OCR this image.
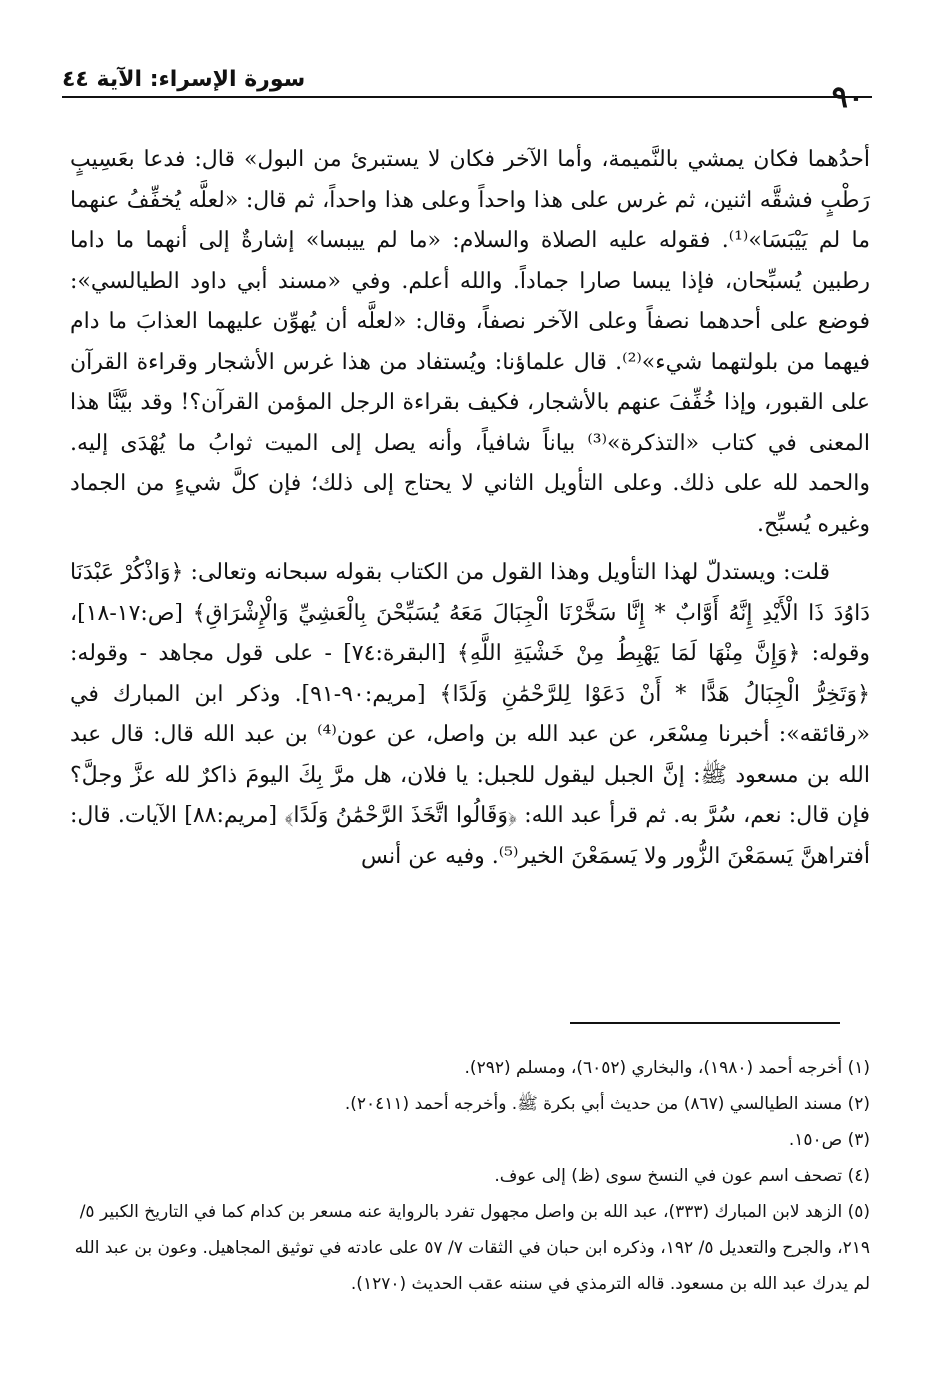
٩٠
سورة الإسراء: الآية ٤٤

أحدُهما فكان يمشي بالنَّميمة، وأما الآخر فكان لا يستبرئ من البول» قال: فدعا بعَسِيبٍ رَطْبٍ فشقَّه اثنين، ثم غرس على هذا واحداً وعلى هذا واحداً، ثم قال: «لعلَّه يُخفِّفُ عنهما ما لم يَيْبَسَا»⁽¹⁾. فقوله عليه الصلاة والسلام: «ما لم ييبسا» إشارةٌ إلى أنهما ما داما رطبين يُسبِّحان، فإذا يبسا صارا جماداً. والله أعلم. وفي «مسند أبي داود الطيالسي»: فوضع على أحدهما نصفاً وعلى الآخر نصفاً، وقال: «لعلَّه أن يُهوِّن عليهما العذابَ ما دام فيهما من بلولتهما شيء»⁽²⁾. قال علماؤنا: ويُستفاد من هذا غرس الأشجار وقراءة القرآن على القبور، وإذا خُفِّفَ عنهم بالأشجار، فكيف بقراءة الرجل المؤمن القرآن؟! وقد بيَّنَّا هذا المعنى في كتاب «التذكرة»⁽³⁾ بياناً شافياً، وأنه يصل إلى الميت ثوابُ ما يُهْدَى إليه. والحمد لله على ذلك. وعلى التأويل الثاني لا يحتاج إلى ذلك؛ فإن كلَّ شيءٍ من الجماد وغيره يُسبِّح.

قلت: ويستدلّ لهذا التأويل وهذا القول من الكتاب بقوله سبحانه وتعالى: ﴿وَاذْكُرْ عَبْدَنَا دَاوُدَ ذَا الْأَيْدِ إِنَّهُ أَوَّابٌ * إِنَّا سَخَّرْنَا الْجِبَالَ مَعَهُ يُسَبِّحْنَ بِالْعَشِيِّ وَالْإِشْرَاقِ﴾ [ص:١٧-١٨]، وقوله: ﴿وَإِنَّ مِنْهَا لَمَا يَهْبِطُ مِنْ خَشْيَةِ اللَّهِ﴾ [البقرة:٧٤] - على قول مجاهد - وقوله: ﴿وَتَخِرُّ الْجِبَالُ هَدًّا * أَنْ دَعَوْا لِلرَّحْمَٰنِ وَلَدًا﴾ [مريم:٩٠-٩١]. وذكر ابن المبارك في «رقائقه»: أخبرنا مِسْعَر، عن عبد الله بن واصل، عن عون⁽⁴⁾ بن عبد الله قال: قال عبد الله بن مسعود ﷺ: إنَّ الجبل ليقول للجبل: يا فلان، هل مرَّ بِكَ اليومَ ذاكرٌ لله عزَّ وجلَّ؟ فإن قال: نعم، سُرَّ به. ثم قرأ عبد الله: ﴿وَقَالُوا اتَّخَذَ الرَّحْمَٰنُ وَلَدًا﴾ [مريم:٨٨] الآيات. قال: أفتراهنَّ يَسمَعْنَ الزُّور ولا يَسمَعْنَ الخير⁽⁵⁾. وفيه عن أنس

(١) أخرجه أحمد (١٩٨٠)، والبخاري (٦٠٥٢)، ومسلم (٢٩٢).

(٢) مسند الطيالسي (٨٦٧) من حديث أبي بكرة ﷺ. وأخرجه أحمد (٢٠٤١١).

(٣) ص١٥٠.

(٤) تصحف اسم عون في النسخ سوى (ظ) إلى عوف.

(٥) الزهد لابن المبارك (٣٣٣)، عبد الله بن واصل مجهول تفرد بالرواية عنه مسعر بن كدام كما في التاريخ الكبير ٥/ ٢١٩، والجرح والتعديل ٥/ ١٩٢، وذكره ابن حبان في الثقات ٧/ ٥٧ على عادته في توثيق المجاهيل. وعون بن عبد الله لم يدرك عبد الله بن مسعود. قاله الترمذي في سننه عقب الحديث (١٢٧٠).
